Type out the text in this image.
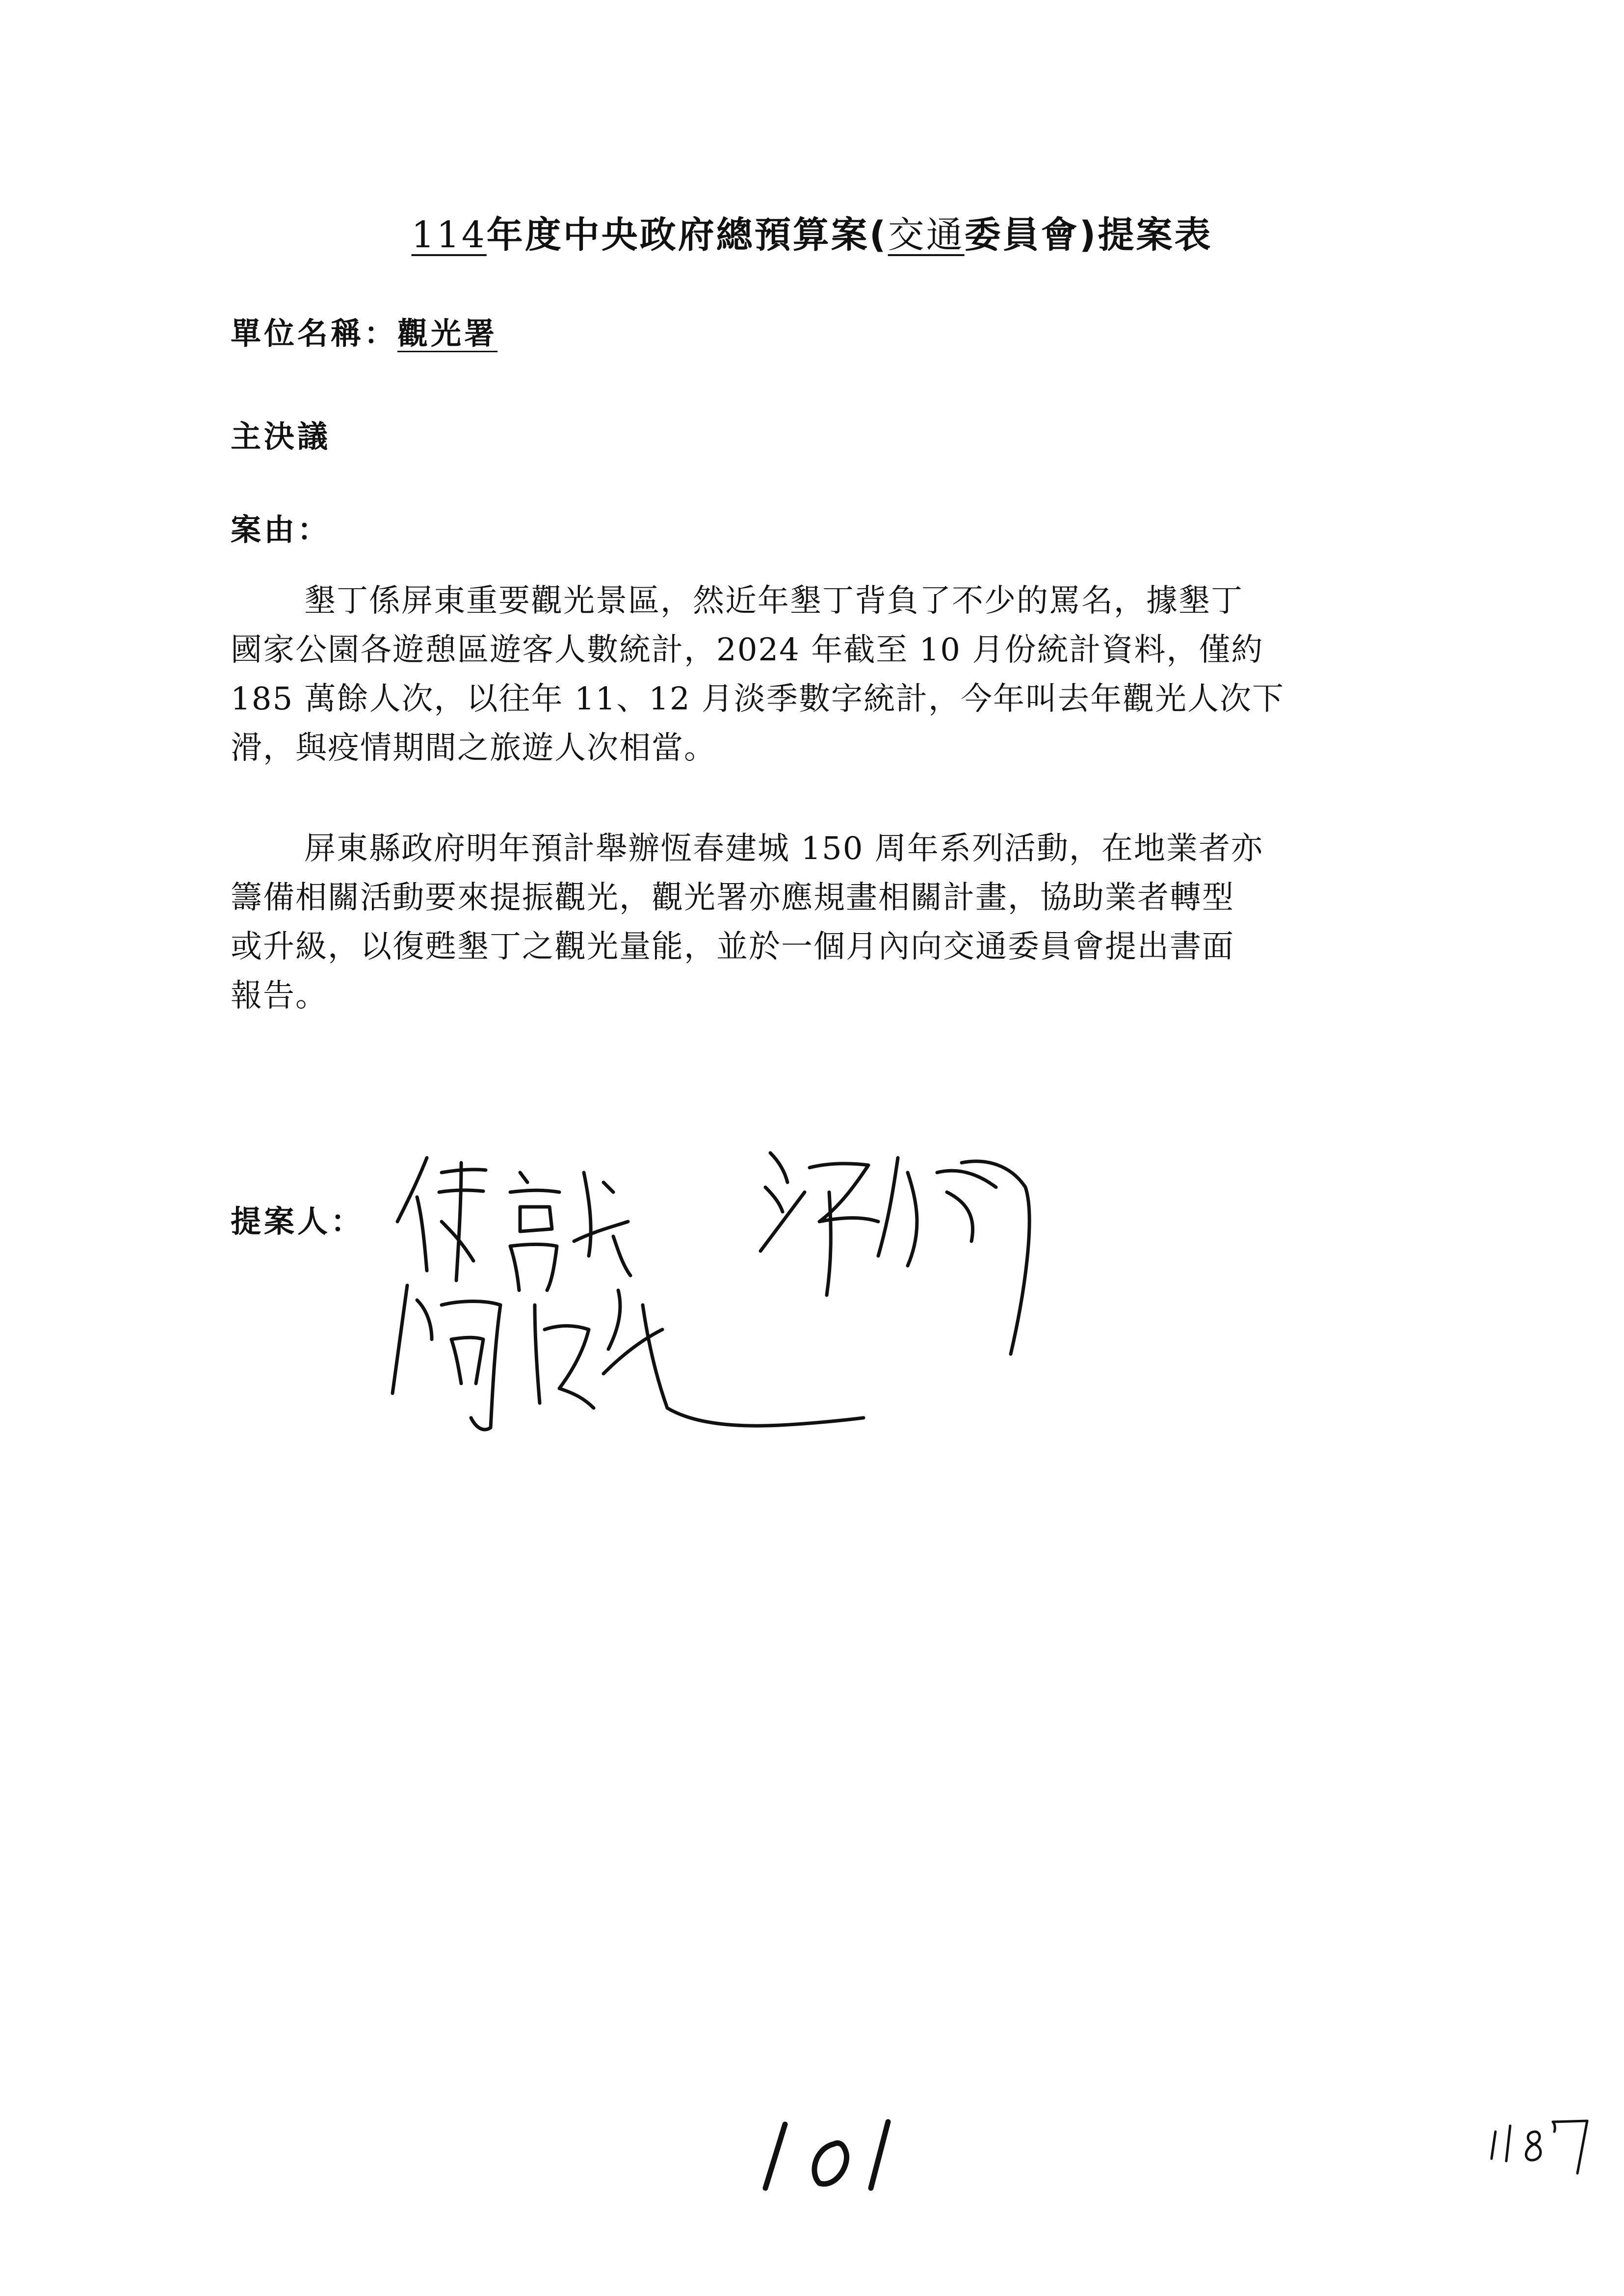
114年度中央政府總預算案(交通委員會)提案表
單位名稱：觀光署
主決議
案由：
墾丁係屏東重要觀光景區，然近年墾丁背負了不少的罵名，據墾丁
國家公園各遊憩區遊客人數統計，2024 年截至 10 月份統計資料，僅約
185 萬餘人次，以往年 11、12 月淡季數字統計，今年叫去年觀光人次下
滑，與疫情期間之旅遊人次相當。
屏東縣政府明年預計舉辦恆春建城 150 周年系列活動，在地業者亦
籌備相關活動要來提振觀光，觀光署亦應規畫相關計畫，協助業者轉型
或升級，以復甦墾丁之觀光量能，並於一個月內向交通委員會提出書面
報告。
提案人：
